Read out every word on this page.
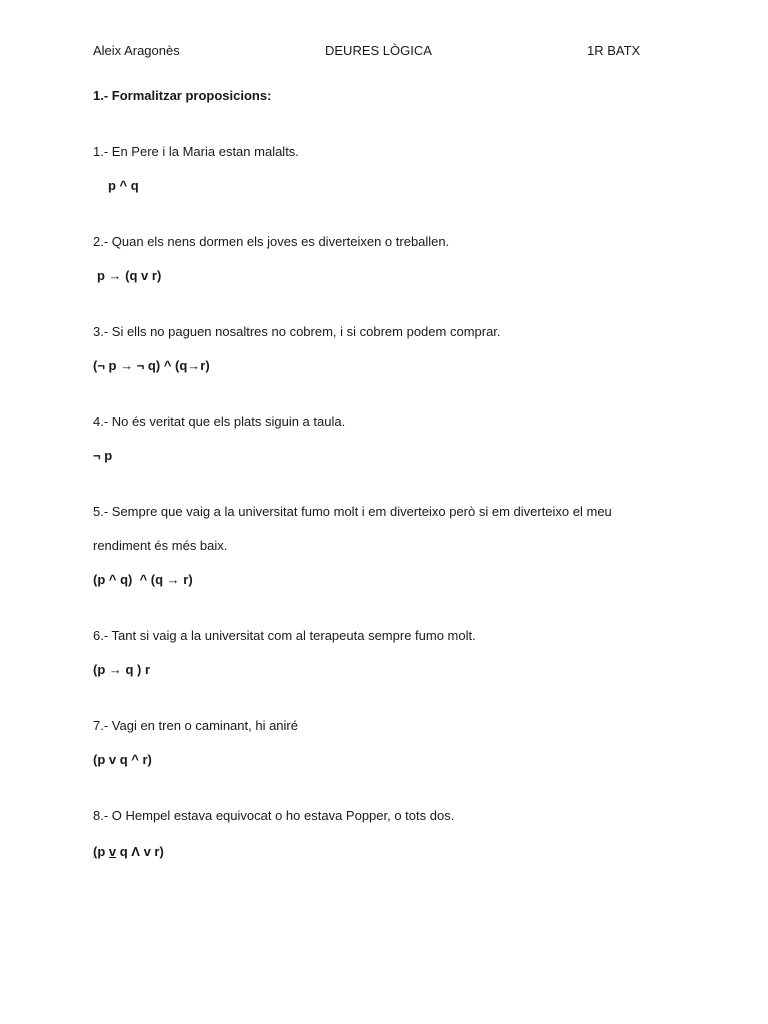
Aleix Aragonès	DEURES LÒGICA	1R BATX
1.- Formalitzar proposicions:
1.- En Pere i la Maria estan malalts.
p ^ q
2.- Quan els nens dormen els joves es diverteixen o treballen.
p → (q v r)
3.- Si ells no paguen nosaltres no cobrem, i si cobrem podem comprar.
(¬ p → ¬ q) ^ (q→r)
4.- No és veritat que els plats siguin a taula.
¬ p
5.- Sempre que vaig a la universitat fumo molt i em diverteixo però si em diverteixo el meu
rendiment és més baix.
(p ^ q)  ^ (q → r)
6.- Tant si vaig a la universitat com al terapeuta sempre fumo molt.
(p → q ) r
7.- Vagi en tren o caminant, hi aniré
(p v q ^ r)
8.- O Hempel estava equivocat o ho estava Popper, o tots dos.
(p v q Λ v r)
